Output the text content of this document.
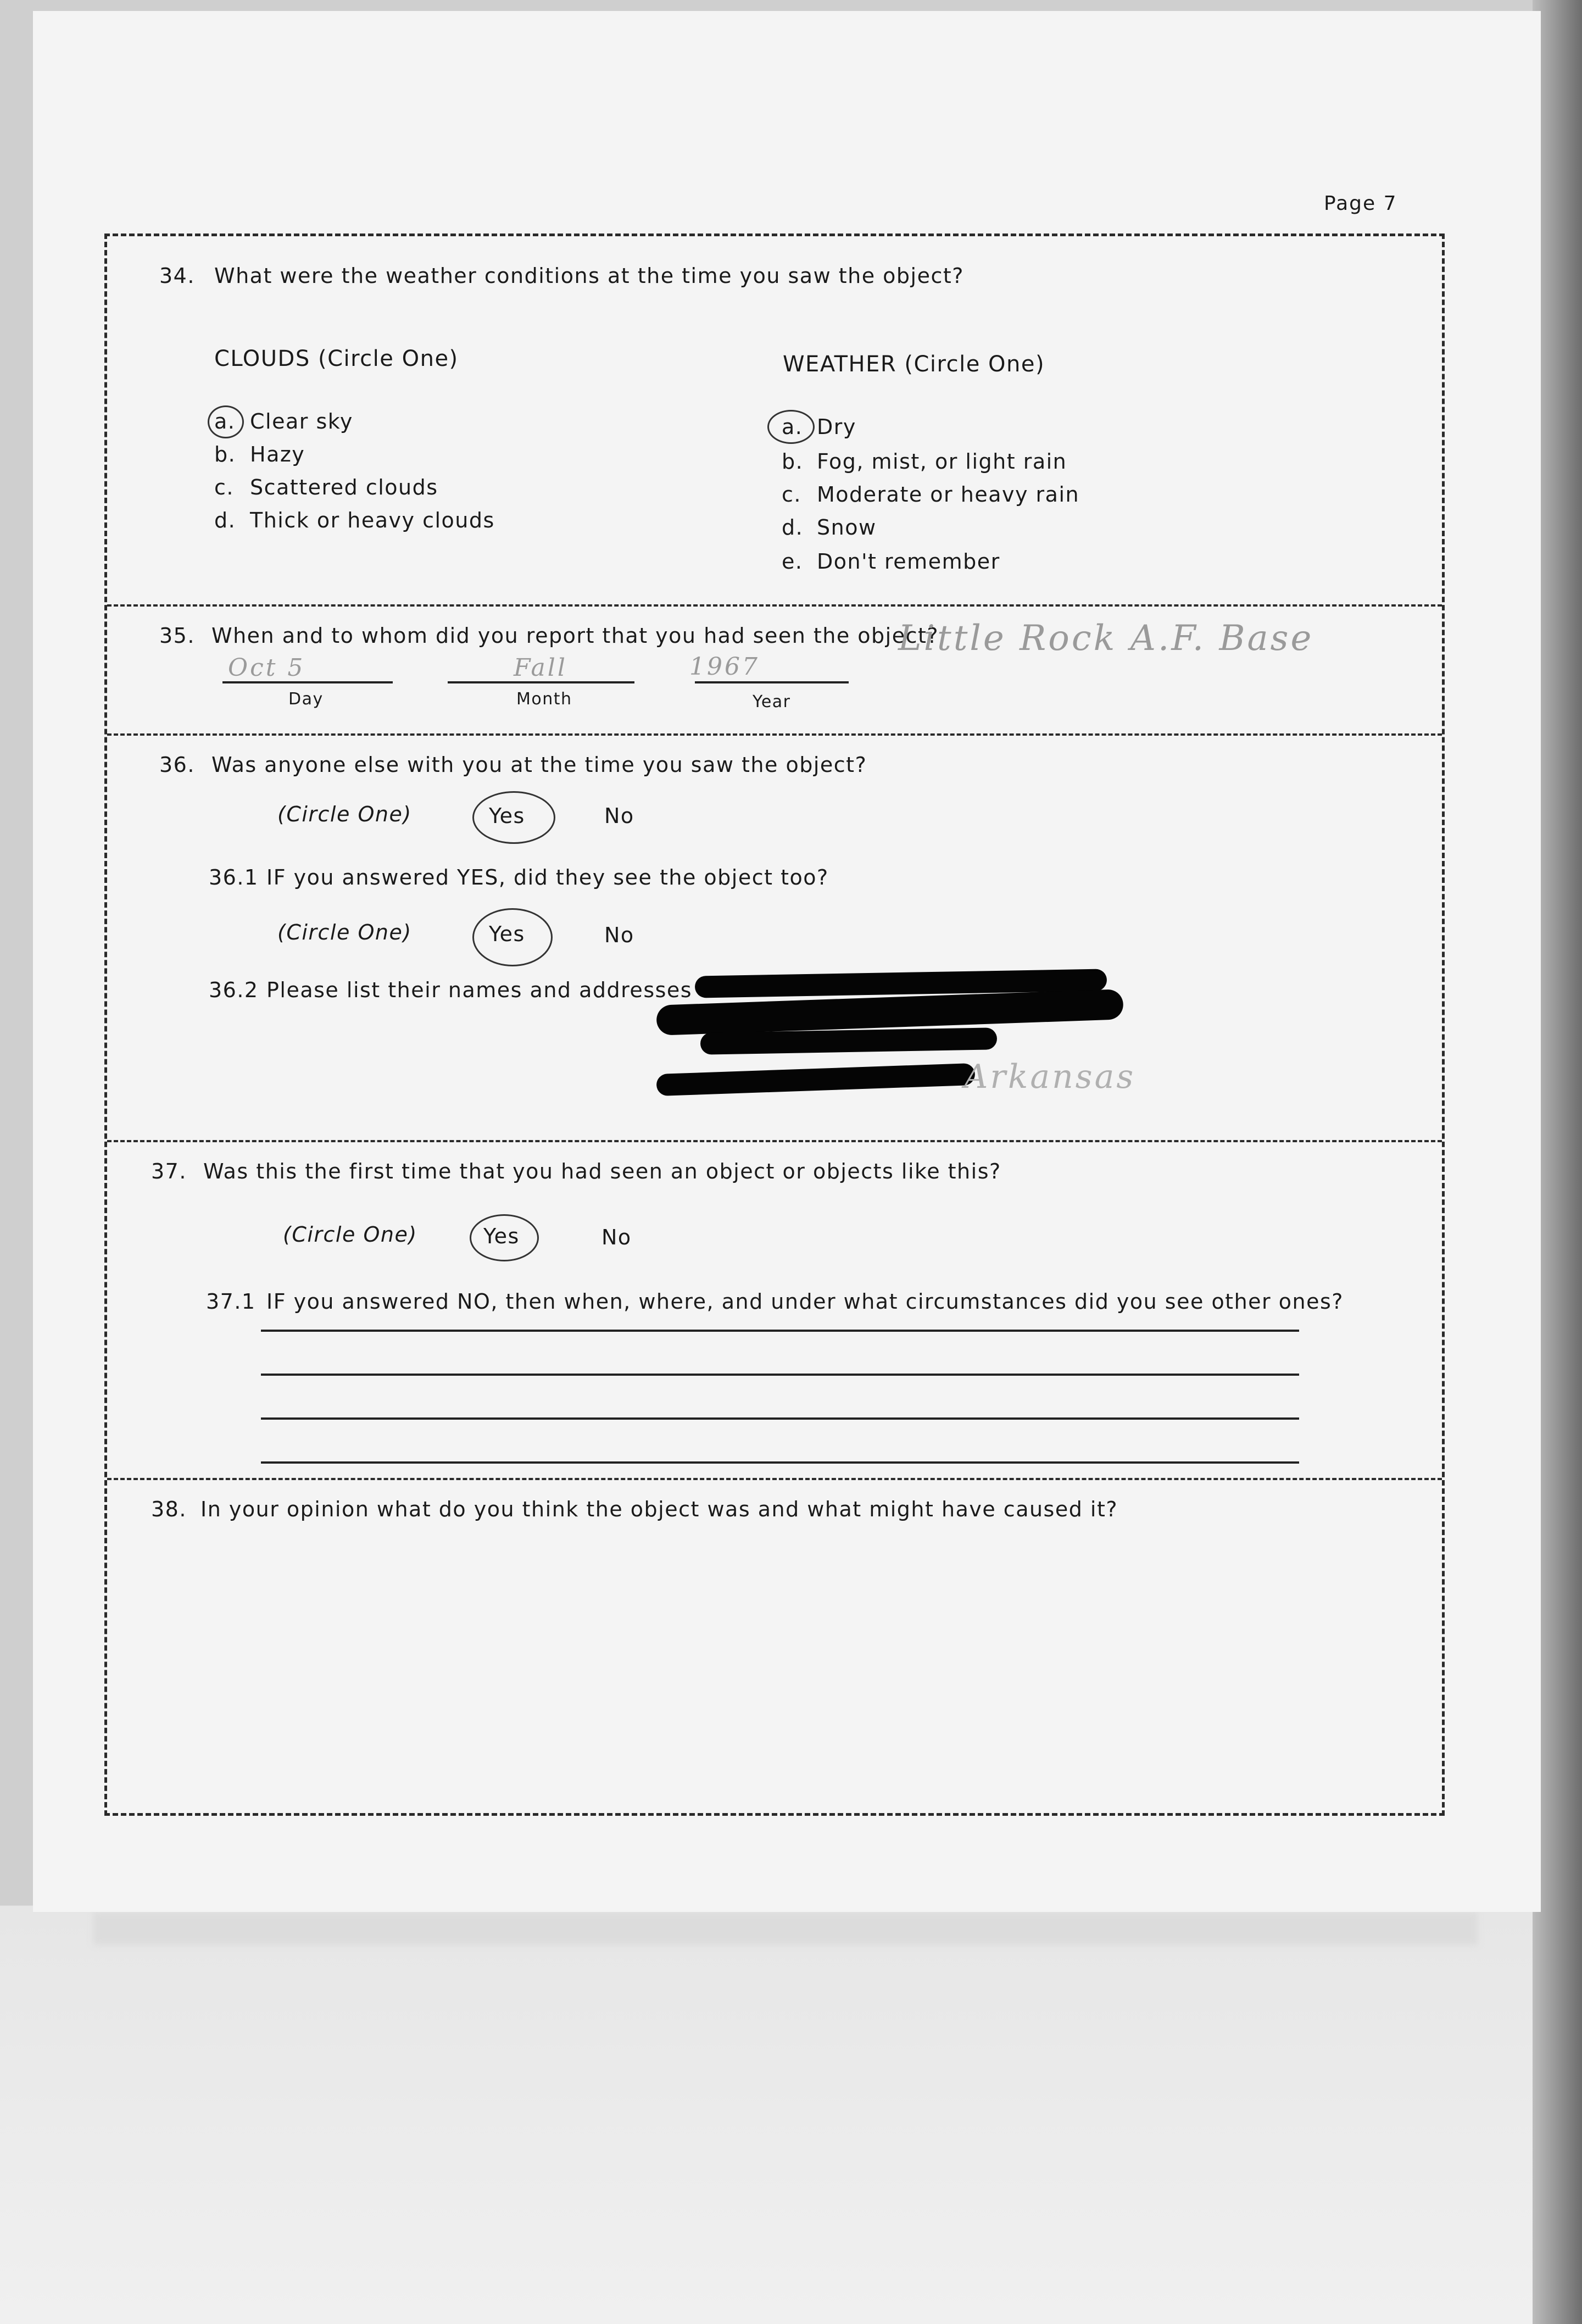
Page 7
34. What were the weather conditions at the time you saw the object?
CLOUDS (Circle One)
a. Clear sky
b. Hazy
c. Scattered clouds
d. Thick or heavy clouds
WEATHER (Circle One)
a. Dry
b. Fog, mist, or light rain
c. Moderate or heavy rain
d. Snow
e. Don't remember
35. When and to whom did you report that you had seen the object?
Little Rock A.F. Base
Oct 5	Fall	1967
Day	Month	Year
36. Was anyone else with you at the time you saw the object?
(Circle One)	Yes	No
36.1 IF you answered YES, did they see the object too?
(Circle One)	Yes	No
36.2 Please list their names and addresses
Arkansas
37. Was this the first time that you had seen an object or objects like this?
(Circle One)	Yes	No
37.1 IF you answered NO, then when, where, and under what circumstances did you see other ones?
38. In your opinion what do you think the object was and what might have caused it?
